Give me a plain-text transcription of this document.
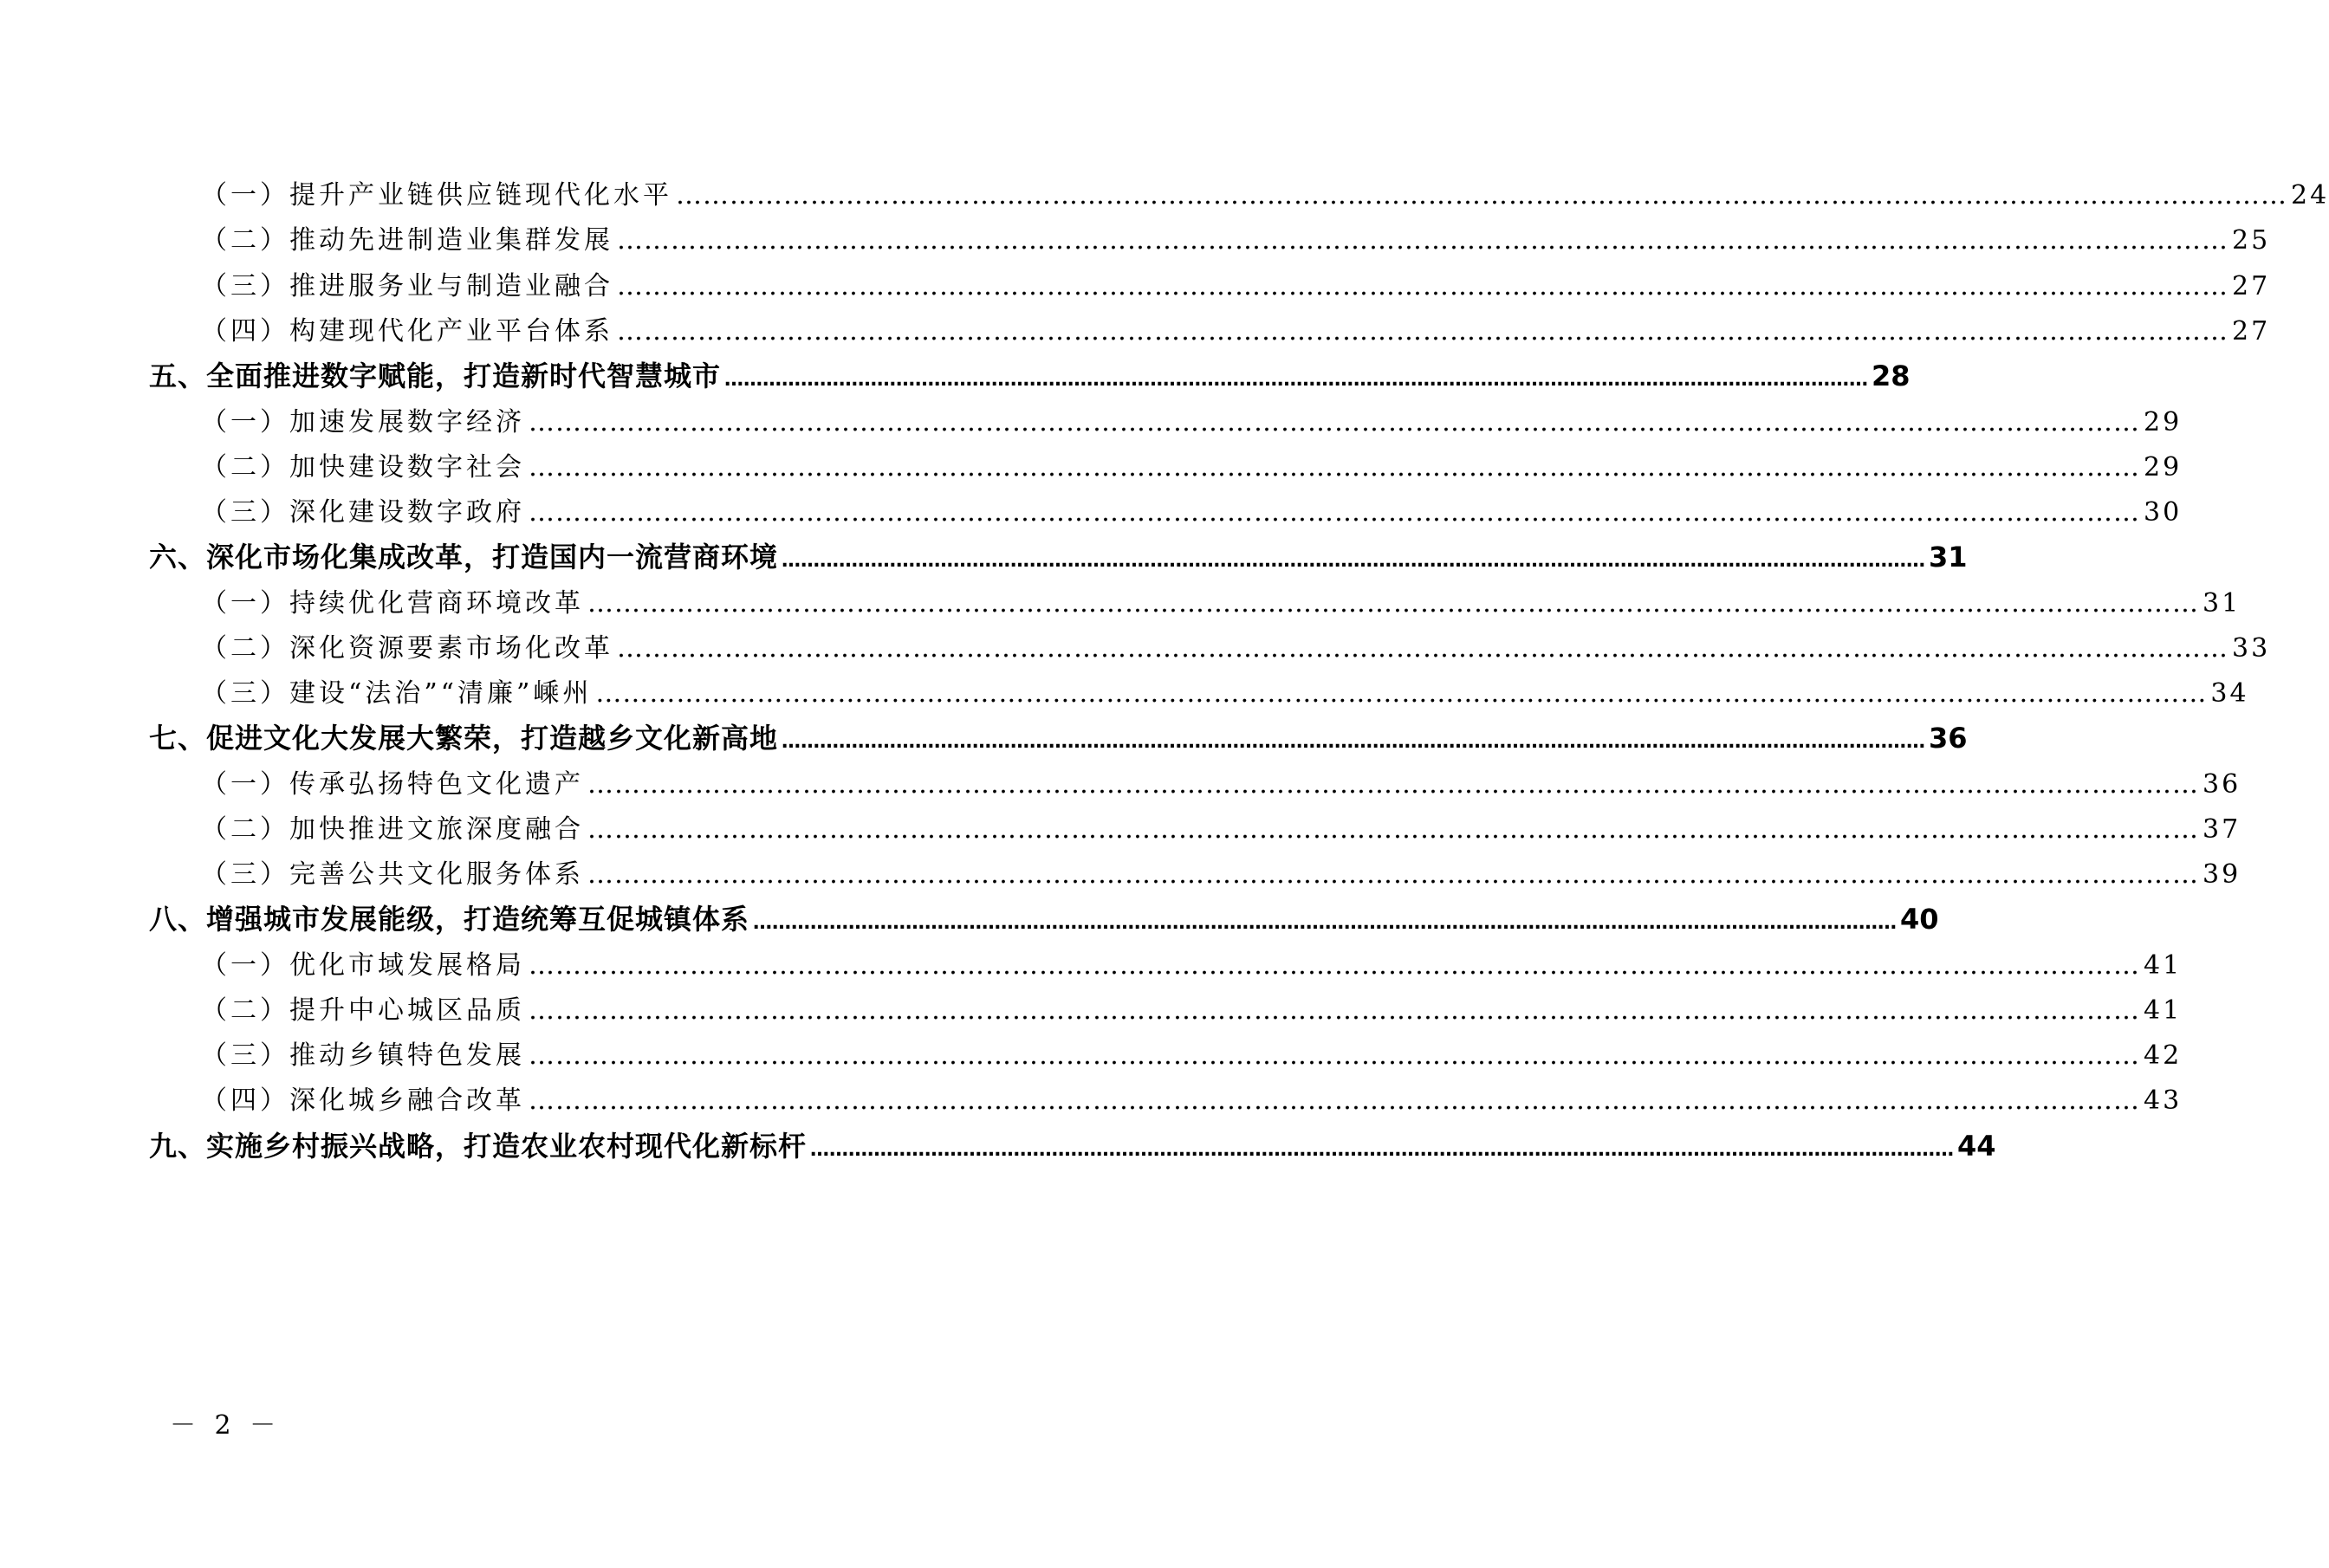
（一）提升产业链供应链现代化水平 ……………………………………………………………………………………………………………………………………………………………… 24
（二）推动先进制造业集群发展 ……………………………………………………………………………………………………………………………………………………………… 25
（三）推进服务业与制造业融合 ……………………………………………………………………………………………………………………………………………………………… 27
（四）构建现代化产业平台体系 ……………………………………………………………………………………………………………………………………………………………… 27
五、全面推进数字赋能，打造新时代智慧城市 ……………………………………………………………………………………………………………………………………………………………… 28
（一）加速发展数字经济 ……………………………………………………………………………………………………………………………………………………………… 29
（二）加快建设数字社会 ……………………………………………………………………………………………………………………………………………………………… 29
（三）深化建设数字政府 ……………………………………………………………………………………………………………………………………………………………… 30
六、深化市场化集成改革，打造国内一流营商环境 ……………………………………………………………………………………………………………………………………………………………… 31
（一）持续优化营商环境改革 ……………………………………………………………………………………………………………………………………………………………… 31
（二）深化资源要素市场化改革 ……………………………………………………………………………………………………………………………………………………………… 33
（三）建设“法治”“清廉”嵊州 ……………………………………………………………………………………………………………………………………………………………… 34
七、促进文化大发展大繁荣，打造越乡文化新高地 ……………………………………………………………………………………………………………………………………………………………… 36
（一）传承弘扬特色文化遗产 ……………………………………………………………………………………………………………………………………………………………… 36
（二）加快推进文旅深度融合 ……………………………………………………………………………………………………………………………………………………………… 37
（三）完善公共文化服务体系 ……………………………………………………………………………………………………………………………………………………………… 39
八、增强城市发展能级，打造统筹互促城镇体系 ……………………………………………………………………………………………………………………………………………………………… 40
（一）优化市域发展格局 ……………………………………………………………………………………………………………………………………………………………… 41
（二）提升中心城区品质 ……………………………………………………………………………………………………………………………………………………………… 41
（三）推动乡镇特色发展 ……………………………………………………………………………………………………………………………………………………………… 42
（四）深化城乡融合改革 ……………………………………………………………………………………………………………………………………………………………… 43
九、实施乡村振兴战略，打造农业农村现代化新标杆 ……………………………………………………………………………………………………………………………………………………………… 44
－ 2 －
